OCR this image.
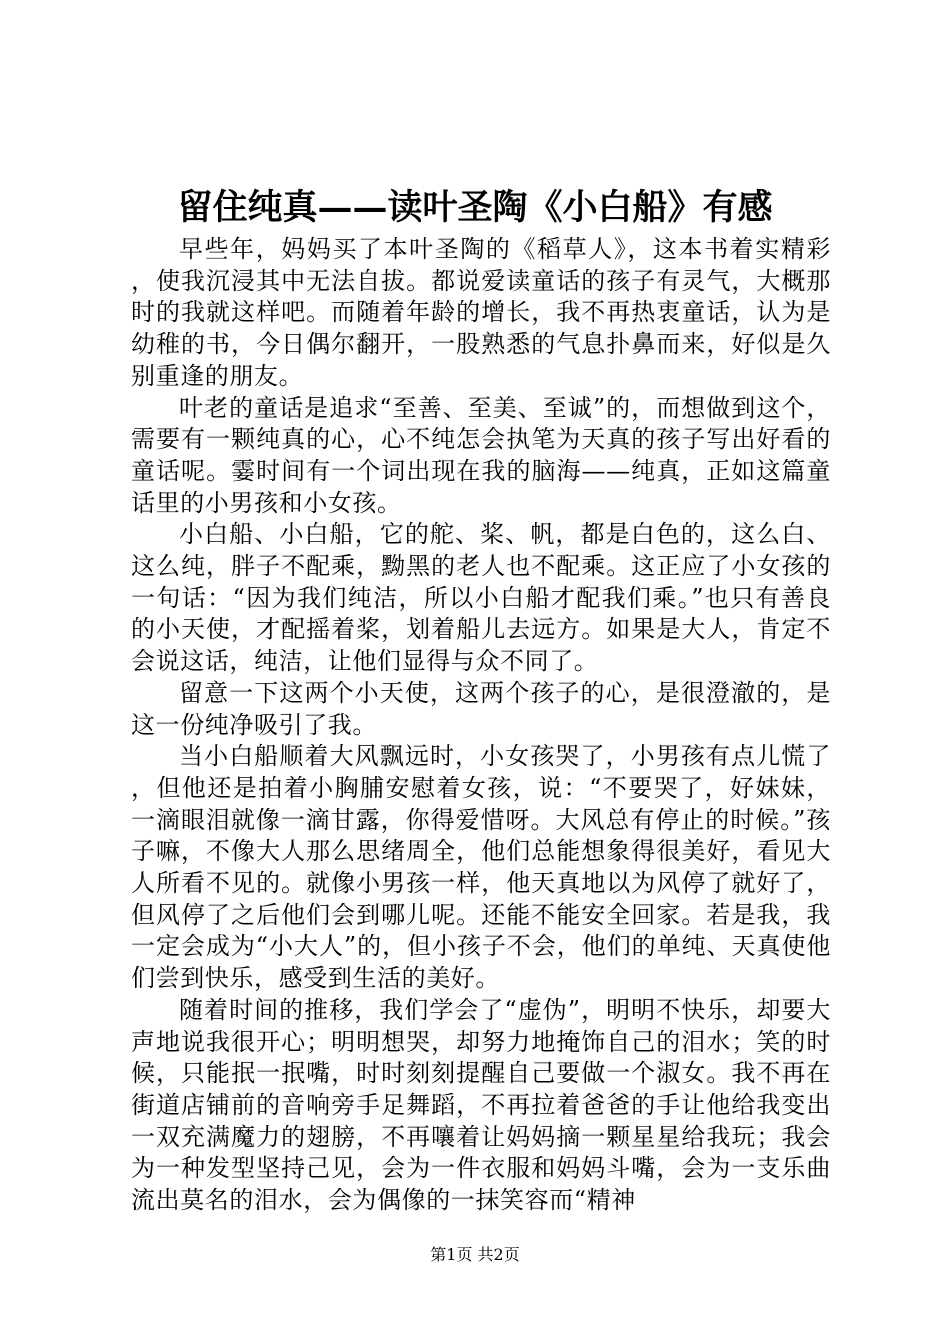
留住纯真——读叶圣陶《小白船》有感

早些年，妈妈买了本叶圣陶的《稻草人》，这本书着实精彩，使我沉浸其中无法自拔。都说爱读童话的孩子有灵气，大概那时的我就这样吧。而随着年龄的增长，我不再热衷童话，认为是幼稚的书，今日偶尔翻开，一股熟悉的气息扑鼻而来，好似是久别重逢的朋友。

叶老的童话是追求“至善、至美、至诚”的，而想做到这个，需要有一颗纯真的心，心不纯怎会执笔为天真的孩子写出好看的童话呢。霎时间有一个词出现在我的脑海——纯真，正如这篇童话里的小男孩和小女孩。

小白船、小白船，它的舵、桨、帆，都是白色的，这么白、这么纯，胖子不配乘，黝黑的老人也不配乘。这正应了小女孩的一句话：“因为我们纯洁，所以小白船才配我们乘。”也只有善良的小天使，才配摇着桨，划着船儿去远方。如果是大人，肯定不会说这话，纯洁，让他们显得与众不同了。

留意一下这两个小天使，这两个孩子的心，是很澄澈的，是这一份纯净吸引了我。

当小白船顺着大风飘远时，小女孩哭了，小男孩有点儿慌了，但他还是拍着小胸脯安慰着女孩，说：“不要哭了，好妹妹，一滴眼泪就像一滴甘露，你得爱惜呀。大风总有停止的时候。”孩子嘛，不像大人那么思绪周全，他们总能想象得很美好，看见大人所看不见的。就像小男孩一样，他天真地以为风停了就好了，但风停了之后他们会到哪儿呢。还能不能安全回家。若是我，我一定会成为“小大人”的，但小孩子不会，他们的单纯、天真使他们尝到快乐，感受到生活的美好。

随着时间的推移，我们学会了“虚伪”，明明不快乐，却要大声地说我很开心；明明想哭，却努力地掩饰自己的泪水；笑的时候，只能抿一抿嘴，时时刻刻提醒自己要做一个淑女。我不再在街道店铺前的音响旁手足舞蹈，不再拉着爸爸的手让他给我变出一双充满魔力的翅膀，不再嚷着让妈妈摘一颗星星给我玩；我会为一种发型坚持己见，会为一件衣服和妈妈斗嘴，会为一支乐曲流出莫名的泪水，会为偶像的一抹笑容而“精神

第1页 共2页
